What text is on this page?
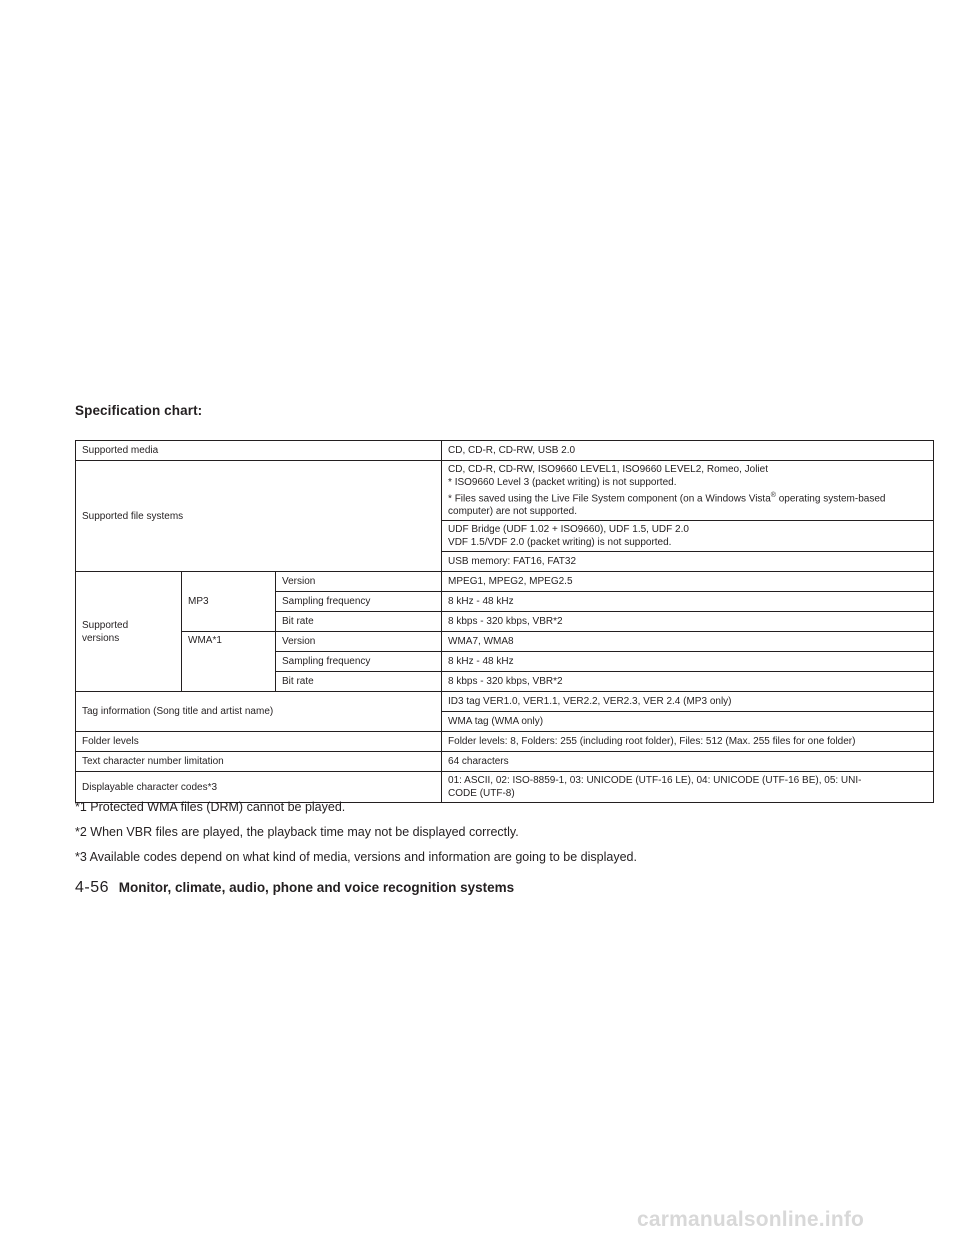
Specification chart:
Supported media			CD, CD-R, CD-RW, USB 2.0
Supported file systems			CD, CD-R, CD-RW, ISO9660 LEVEL1, ISO9660 LEVEL2, Romeo, Joliet
* ISO9660 Level 3 (packet writing) is not supported.
* Files saved using the Live File System component (on a Windows Vista® operating system-based
computer) are not supported.

			UDF Bridge (UDF 1.02 + ISO9660), UDF 1.5, UDF 2.0
VDF 1.5/VDF 2.0 (packet writing) is not supported.

			USB memory: FAT16, FAT32

Supported
versions	MP3	Version	MPEG1, MPEG2, MPEG2.5
		Sampling frequency	8 kHz - 48 kHz
		Bit rate	8 kbps - 320 kbps, VBR*2
	WMA*1	Version	WMA7, WMA8
		Sampling frequency	8 kHz - 48 kHz
		Bit rate	8 kbps - 320 kbps, VBR*2
Tag information (Song title and artist name)			ID3 tag VER1.0, VER1.1, VER2.2, VER2.3, VER 2.4 (MP3 only)
			WMA tag (WMA only)
Folder levels			Folder levels: 8, Folders: 255 (including root folder), Files: 512 (Max. 255 files for one folder)
Text character number limitation			64 characters
Displayable character codes*3			01: ASCII, 02: ISO-8859-1, 03: UNICODE (UTF-16 LE), 04: UNICODE (UTF-16 BE), 05: UNI-
CODE (UTF-8)

*1 Protected WMA files (DRM) cannot be played.

*2 When VBR files are played, the playback time may not be displayed correctly.

*3 Available codes depend on what kind of media, versions and information are going to be displayed.

4-56 Monitor, climate, audio, phone and voice recognition systems
carmanualsonline.info
